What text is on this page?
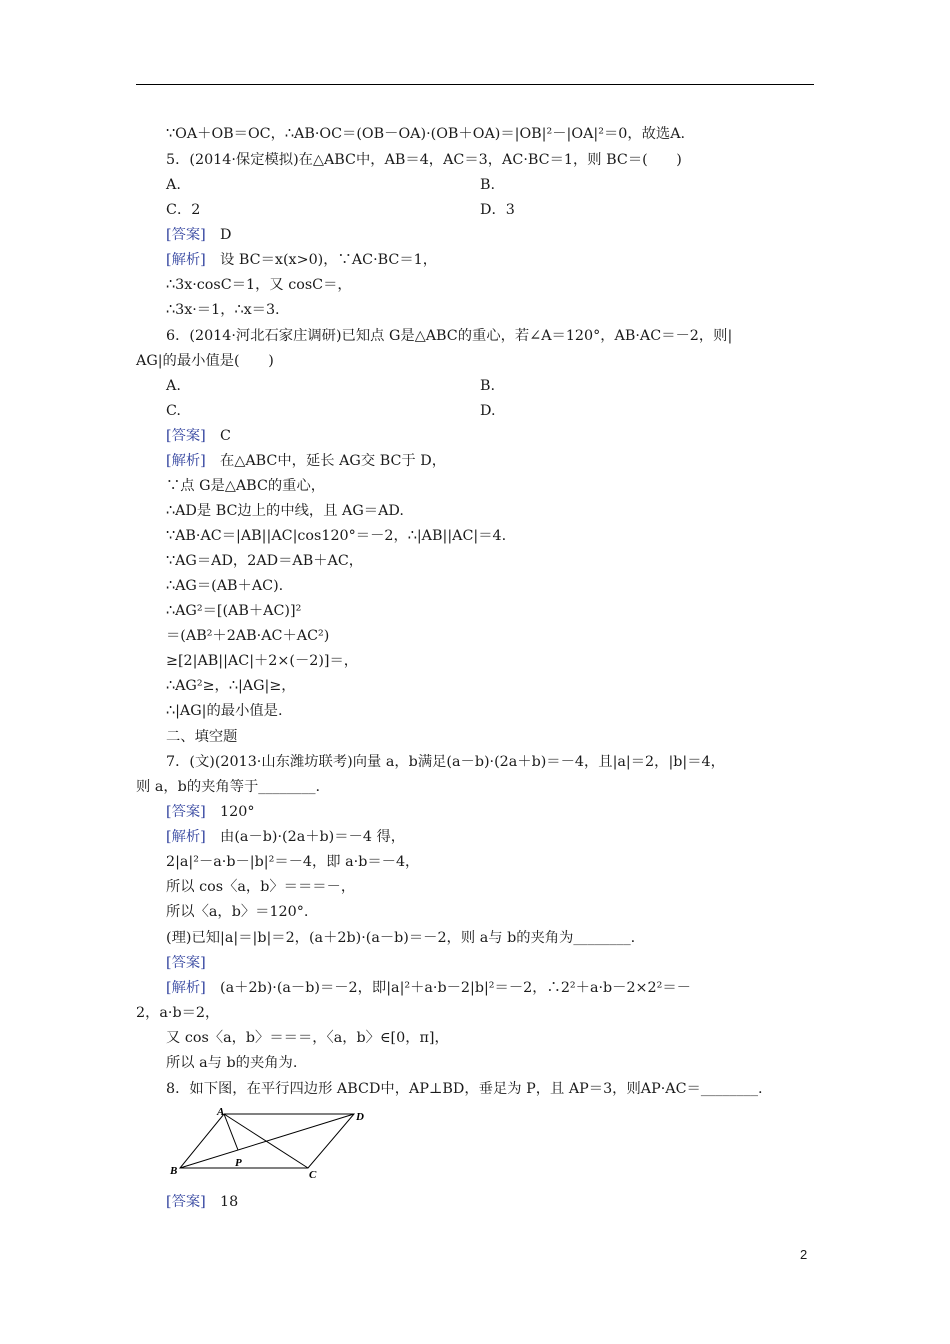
∵OA＋OB＝OC，∴AB·OC＝(OB－OA)·(OB＋OA)＝|OB|²－|OA|²＝0，故选A.
5．(2014·保定模拟)在△ABC中，AB＝4，AC＝3，AC·BC＝1，则 BC＝(　　)
A.	B.
C．2	D．3
[答案]　D
[解析]　设 BC＝x(x>0)，∵AC·BC＝1，
∴3x·cosC＝1，又 cosC＝，
∴3x·＝1，∴x＝3.
6．(2014·河北石家庄调研)已知点 G是△ABC的重心，若∠A＝120°，AB·AC＝－2，则|
AG|的最小值是(　　)
A.	B.
C.	D.
[答案]　C
[解析]　在△ABC中，延长 AG交 BC于 D，
∵点 G是△ABC的重心，
∴AD是 BC边上的中线，且 AG＝AD.
∵AB·AC＝|AB||AC|cos120°＝－2，∴|AB||AC|＝4.
∵AG＝AD，2AD＝AB＋AC，
∴AG＝(AB＋AC).
∴AG²＝[(AB＋AC)]²
＝(AB²＋2AB·AC＋AC²)
≥[2|AB||AC|＋2×(－2)]＝，
∴AG²≥，∴|AG|≥，
∴|AG|的最小值是.
二、填空题
7．(文)(2013·山东潍坊联考)向量 a，b满足(a－b)·(2a＋b)＝－4，且|a|＝2，|b|＝4，
则 a，b的夹角等于________.
[答案]　120°
[解析]　由(a－b)·(2a＋b)＝－4 得，
2|a|²－a·b－|b|²＝－4，即 a·b＝－4，
所以 cos〈a，b〉＝＝＝－，
所以〈a，b〉＝120°.
(理)已知|a|＝|b|＝2，(a＋2b)·(a－b)＝－2，则 a与 b的夹角为________.
[答案]
[解析]　(a＋2b)·(a－b)＝－2，即|a|²＋a·b－2|b|²＝－2，∴2²＋a·b－2×2²＝－
2，a·b＝2，
又 cos〈a，b〉＝＝＝，〈a，b〉∈[0，π]，
所以 a与 b的夹角为.
8．如下图，在平行四边形 ABCD中，AP⊥BD，垂足为 P，且 AP＝3，则AP·AC＝________.
A	D
B	C
P
[答案]　18
2
